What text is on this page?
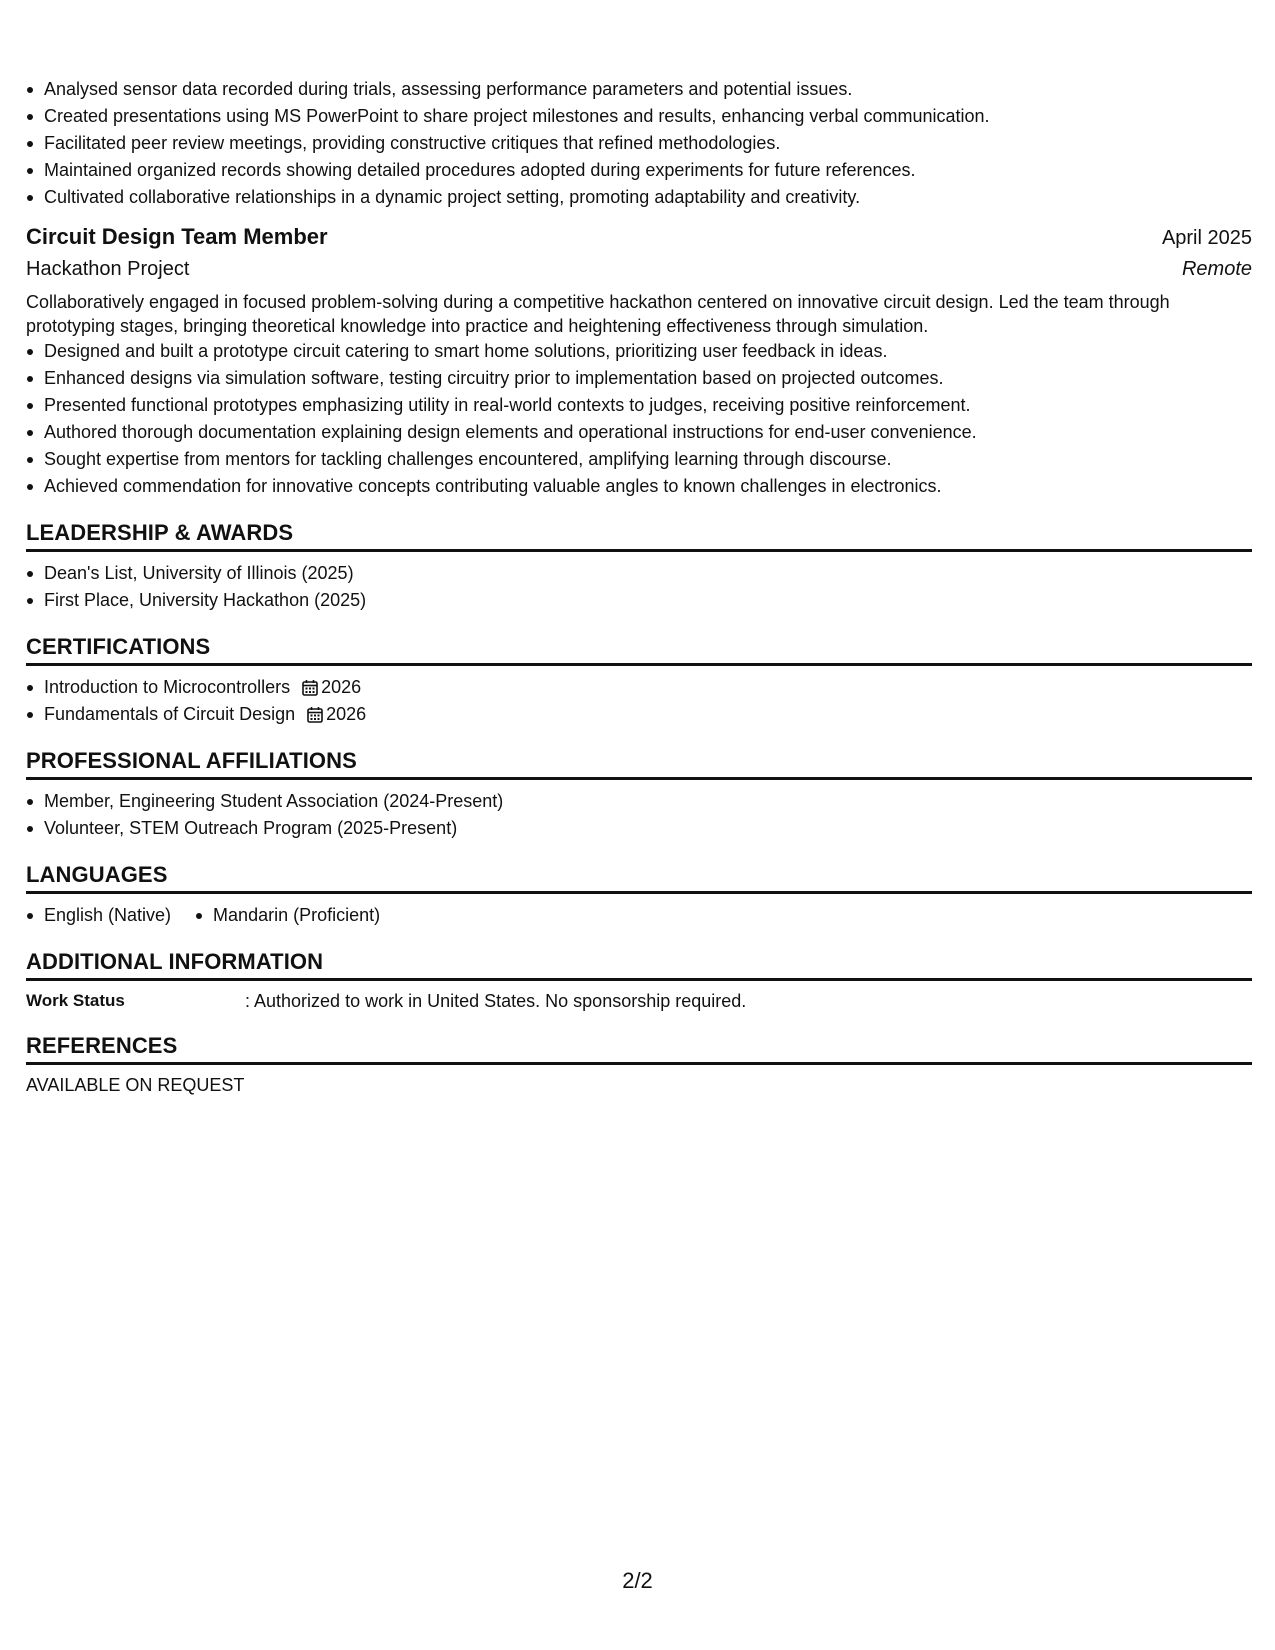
Analysed sensor data recorded during trials, assessing performance parameters and potential issues.
Created presentations using MS PowerPoint to share project milestones and results, enhancing verbal communication.
Facilitated peer review meetings, providing constructive critiques that refined methodologies.
Maintained organized records showing detailed procedures adopted during experiments for future references.
Cultivated collaborative relationships in a dynamic project setting, promoting adaptability and creativity.
Circuit Design Team Member	April 2025
Hackathon Project	Remote
Collaboratively engaged in focused problem-solving during a competitive hackathon centered on innovative circuit design. Led the team through prototyping stages, bringing theoretical knowledge into practice and heightening effectiveness through simulation.
Designed and built a prototype circuit catering to smart home solutions, prioritizing user feedback in ideas.
Enhanced designs via simulation software, testing circuitry prior to implementation based on projected outcomes.
Presented functional prototypes emphasizing utility in real-world contexts to judges, receiving positive reinforcement.
Authored thorough documentation explaining design elements and operational instructions for end-user convenience.
Sought expertise from mentors for tackling challenges encountered, amplifying learning through discourse.
Achieved commendation for innovative concepts contributing valuable angles to known challenges in electronics.
LEADERSHIP & AWARDS
Dean's List, University of Illinois (2025)
First Place, University Hackathon (2025)
CERTIFICATIONS
Introduction to Microcontrollers 2026
Fundamentals of Circuit Design 2026
PROFESSIONAL AFFILIATIONS
Member, Engineering Student Association (2024-Present)
Volunteer, STEM Outreach Program (2025-Present)
LANGUAGES
English (Native)	Mandarin (Proficient)
ADDITIONAL INFORMATION
Work Status	: Authorized to work in United States. No sponsorship required.
REFERENCES
AVAILABLE ON REQUEST
2/2
